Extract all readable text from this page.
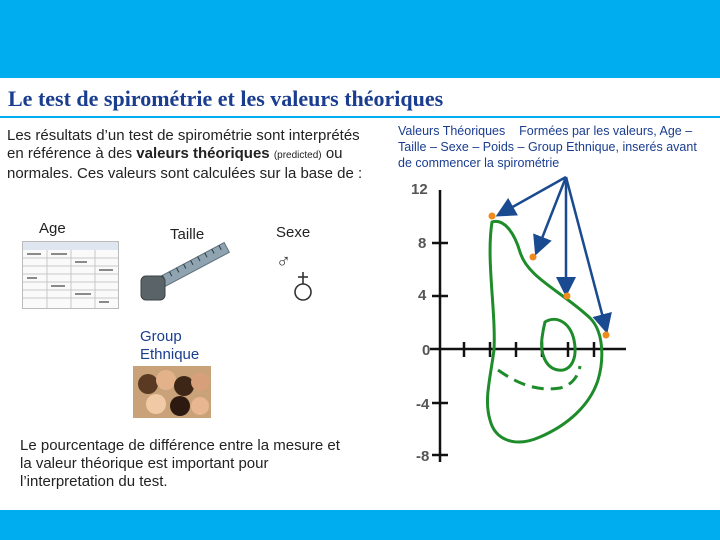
Le test de spirométrie et les valeurs théoriques
Les résultats d’un test de spirométrie sont interprétés en référence à des valeurs théoriques (predicted) ou normales. Ces valeurs sont calculées sur la base de :
Age	Taille	Sexe
♂
Group
Ethnique
Le pourcentage de différence entre la mesure et la valeur théorique est important pour l’interpretation du test.
Valeurs Théoriques Formées par les valeurs, Age – Taille – Sexe – Poids – Group Ethnique, inserés avant de commencer la spirométrie
12
8
4
0
-4
-8
